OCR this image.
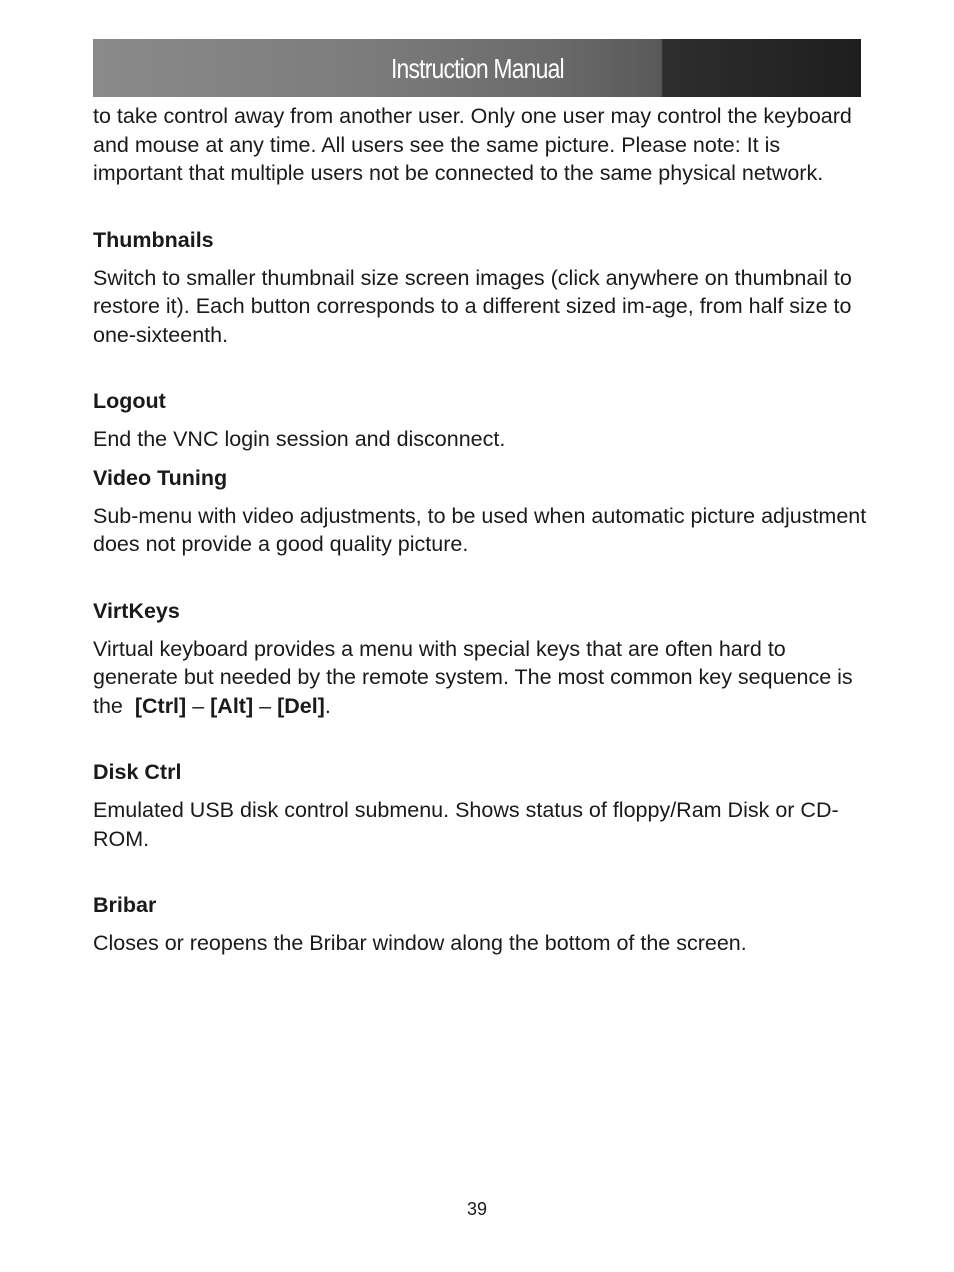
Instruction Manual

to take control away from another user. Only one user may control the keyboard and mouse at any time. All users see the same picture. Please note: It is important that multiple users not be connected to the same physical network.

Thumbnails

Switch to smaller thumbnail size screen images (click anywhere on thumbnail to restore it). Each button corresponds to a different sized im-age, from half size to one-sixteenth.

Logout

End the VNC login session and disconnect.

Video Tuning

Sub-menu with video adjustments, to be used when automatic picture adjustment does not provide a good quality picture.

VirtKeys

Virtual keyboard provides a menu with special keys that are often hard to generate but needed by the remote system. The most common key sequence is the [Ctrl] – [Alt] – [Del].

Disk Ctrl

Emulated USB disk control submenu. Shows status of floppy/Ram Disk or CD-ROM.

Bribar

Closes or reopens the Bribar window along the bottom of the screen.

39
